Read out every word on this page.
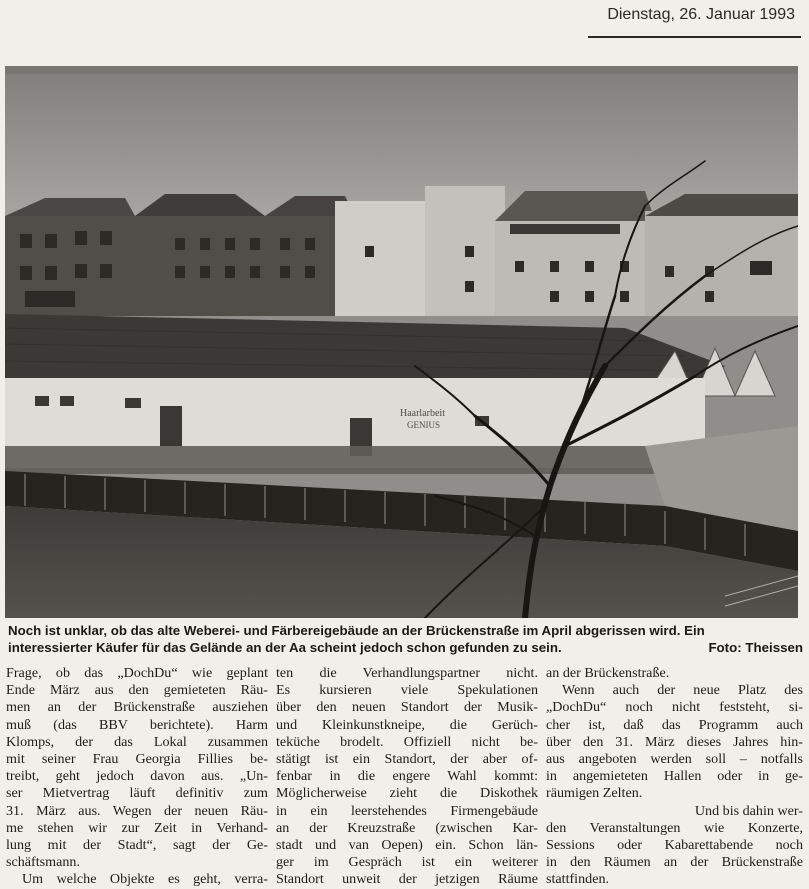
Dienstag, 26. Januar 1993
Haarlarbeit
GENIUS
Noch ist unklar, ob das alte Weberei- und Färbereigebäude an der Brückenstraße im April abgerissen wird. Ein
interessierter Käufer für das Gelände an der Aa scheint jedoch schon gefunden zu sein.	Foto: Theissen
Frage, ob das „DochDu“ wie geplant
Ende März aus den gemieteten Räu-
men an der Brückenstraße ausziehen
muß (das BBV berichtete). Harm
Klomps, der das Lokal zusammen
mit seiner Frau Georgia Fillies be-
treibt, geht jedoch davon aus. „Un-
ser Mietvertrag läuft definitiv zum
31. März aus. Wegen der neuen Räu-
me stehen wir zur Zeit in Verhand-
lung mit der Stadt“, sagt der Ge-
schäftsmann.
Um welche Objekte es geht, verra-
ten die Verhandlungspartner nicht.
Es kursieren viele Spekulationen
über den neuen Standort der Musik-
und Kleinkunstkneipe, die Gerüch-
teküche brodelt. Offiziell nicht be-
stätigt ist ein Standort, der aber of-
fenbar in die engere Wahl kommt:
Möglicherweise zieht die Diskothek
in ein leerstehendes Firmengebäude
an der Kreuzstraße (zwischen Kar-
stadt und van Oepen) ein. Schon län-
ger im Gespräch ist ein weiterer
Standort unweit der jetzigen Räume
an der Brückenstraße.
Wenn auch der neue Platz des
„DochDu“ noch nicht feststeht, si-
cher ist, daß das Programm auch
über den 31. März dieses Jahres hin-
aus angeboten werden soll – notfalls
in angemieteten Hallen oder in ge-
räumigen Zelten.
Und bis dahin wer-
den Veranstaltungen wie Konzerte,
Sessions oder Kabarettabende noch
in den Räumen an der Brückenstraße
stattfinden.
